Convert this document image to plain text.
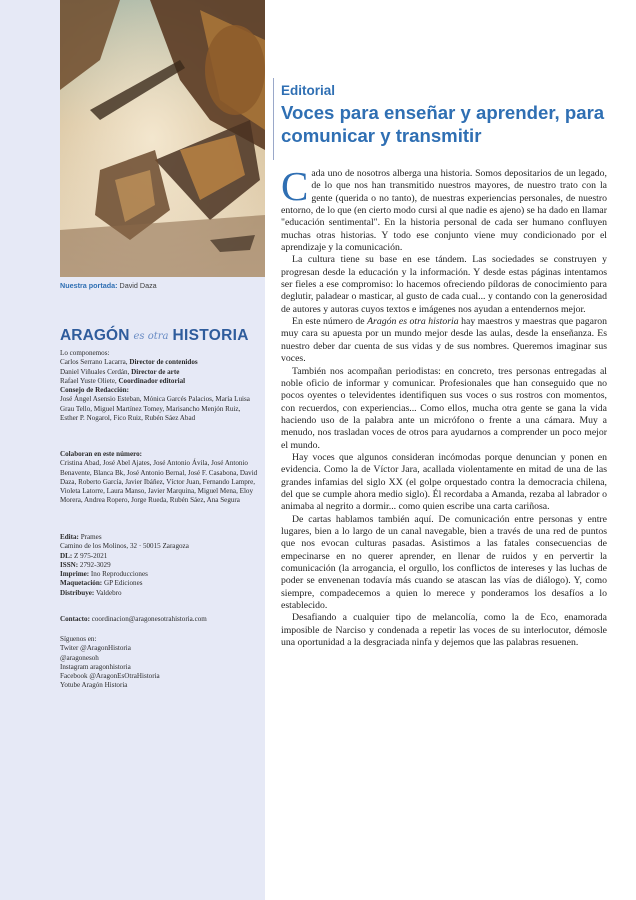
Nuestra portada: David Daza
ARAGÓN es otra HISTORIA
Lo componemos:
Carlos Serrano Lacarra, Director de contenidos
Daniel Viñuales Cerdán, Director de arte
Rafael Yuste Oliete, Coordinador editorial
Consejo de Redacción:
José Ángel Asensio Esteban, Mónica Garcés Palacios, María Luisa Grau Tello, Miguel Martínez Tomey, Marisancho Menjón Ruiz, Esther P. Nogarol, Fico Ruiz, Rubén Sáez Abad
Colaboran en este número:
Cristina Abad, José Abel Ajates, José Antonio Ávila, José Antonio Benavente, Blanca Bk, José Antonio Bernal, José F. Casabona, David Daza, Roberto García, Javier Ibáñez, Víctor Juan, Fernando Lampre, Violeta Latorre, Laura Manso, Javier Marquina, Miguel Mena, Eloy Morera, Andrea Ropero, Jorge Rueda, Rubén Sáez, Ana Segura
Edita: Prames
Camino de los Molinos, 32 · 50015 Zaragoza
DL: Z 975-2021
ISSN: 2792-3029
Imprime: Ino Reproducciones
Maquetación: GP Ediciones
Distribuye: Valdebro
Contacto: coordinacion@aragonesotrahistoria.com
Síguenos en:
Twiter @AragonHistoria
@aragonesoh
Instagram aragonhistoria
Facebook @AragonEsOtraHistoria
Yotube Aragón Historia
Editorial
Voces para enseñar y aprender, para comunicar y transmitir

Cada uno de nosotros alberga una historia. Somos depositarios de un legado, de lo que nos han transmitido nuestros mayores, de nuestro trato con la gente (querida o no tanto), de nuestras experiencias personales, de nuestro entorno, de lo que (en cierto modo cursi al que nadie es ajeno) se ha dado en llamar "educación sentimental". En la historia personal de cada ser humano confluyen muchas otras historias. Y todo ese conjunto viene muy condicionado por el aprendizaje y la comunicación.

La cultura tiene su base en ese tándem. Las sociedades se construyen y progresan desde la educación y la información. Y desde estas páginas intentamos ser fieles a ese compromiso: lo hacemos ofreciendo píldoras de conocimiento para deglutir, paladear o masticar, al gusto de cada cual... y contando con la generosidad de autores y autoras cuyos textos e imágenes nos ayudan a entendernos mejor.

En este número de Aragón es otra historia hay maestros y maestras que pagaron muy cara su apuesta por un mundo mejor desde las aulas, desde la enseñanza. Es nuestro deber dar cuenta de sus vidas y de sus nombres. Queremos imaginar sus voces.

También nos acompañan periodistas: en concreto, tres personas entregadas al noble oficio de informar y comunicar. Profesionales que han conseguido que no pocos oyentes o televidentes identifiquen sus voces o sus rostros con momentos, con recuerdos, con experiencias... Como ellos, mucha otra gente se gana la vida haciendo uso de la palabra ante un micrófono o frente a una cámara. Muy a menudo, nos trasladan voces de otros para ayudarnos a comprender un poco mejor el mundo.

Hay voces que algunos consideran incómodas porque denuncian y ponen en evidencia. Como la de Víctor Jara, acallada violentamente en mitad de una de las grandes infamias del siglo XX (el golpe orquestado contra la democracia chilena, del que se cumple ahora medio siglo). Él recordaba a Amanda, rezaba al labrador o animaba al negrito a dormir... como quien escribe una carta cariñosa.

De cartas hablamos también aquí. De comunicación entre personas y entre lugares, bien a lo largo de un canal navegable, bien a través de una red de puntos que nos evocan culturas pasadas. Asistimos a las fatales consecuencias de empecinarse en no querer aprender, en llenar de ruidos y en pervertir la comunicación (la arrogancia, el orgullo, los conflictos de intereses y las luchas de poder se envenenan todavía más cuando se atascan las vías de diálogo). Y, como siempre, compadecemos a quien lo merece y ponderamos los desafíos a lo establecido.

Desafiando a cualquier tipo de melancolía, como la de Eco, enamorada imposible de Narciso y condenada a repetir las voces de su interlocutor, démosle una oportunidad a la desgraciada ninfa y dejemos que las palabras resuenen.
